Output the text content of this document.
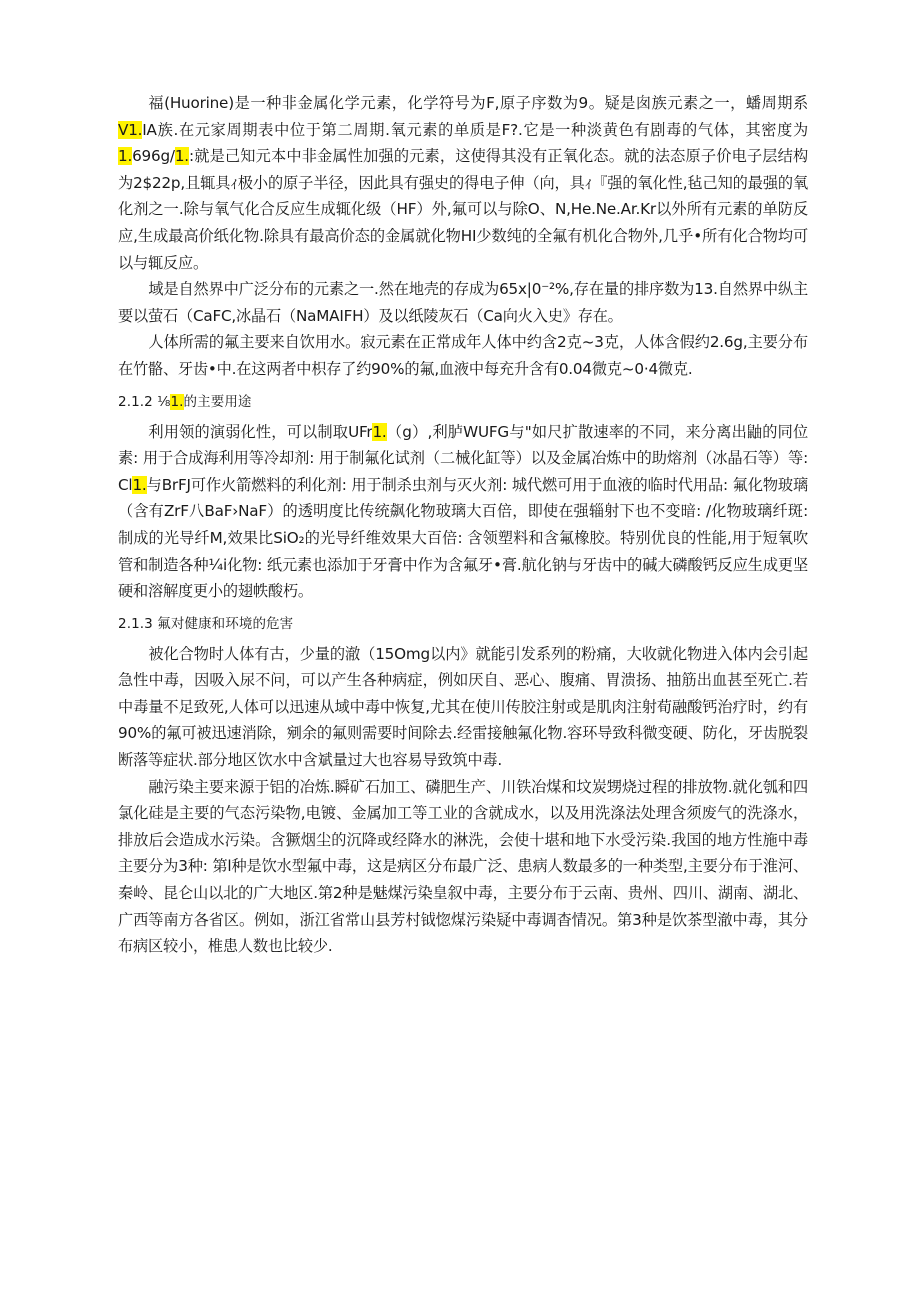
福(Huorine)是一种非金属化学元素，化学符号为F,原子序数为9。疑是囱族元素之一，蟠周期系V1.IA族.在元家周期表中位于第二周期.氧元素的单质是F?.它是一种淡黄色有剧毒的气体，其密度为1.696g/1.:就是己知元本中非金属性加强的元素，这使得其没有正氧化态。就的法态原子价电子层结构为2$22p,且辄具ｨ极小的原子半径，因此具有强史的得电子伸（向，具ｨ『强的氧化性,毡己知的最强的氧化剂之一.除与氧气化合反应生成辄化级（HF）外,氟可以与除O、N,He.Ne.Ar.Kr以外所有元素的单防反应,生成最高价纸化物.除具有最高价态的金属就化物HI少数纯的全氟有机化合物外,几乎•所有化合物均可以与辄反应。

域是自然界中广泛分布的元素之一.然在地壳的存成为65x|0⁻²%,存在量的排序数为13.自然界中纵主要以萤石（CaFC,冰晶石（NaMAIFH）及以纸陵灰石（Ca向火入史》存在。

人体所需的氟主要来自饮用水。寂元素在正常成年人体中约含2克~3克，人体含假约2.6g,主要分布在竹骼、牙齿•中.在这两者中枳存了约90%的氟,血液中每充升含有0.04微克~0·4微克.

2.1.2 ⅛1.的主要用途

利用领的演弱化性，可以制取UFr1.（g）,利胪WUFG与"如尺扩散速率的不同，来分离出鼬的同位素: 用于合成海利用等冷却剂: 用于制氟化试剂（二械化缸等）以及金属冶炼中的助熔剂（冰晶石等）等: Cl1.与BrFJ可作火箭燃料的利化剂: 用于制杀虫剂与灭火剂: 城代燃可用于血液的临时代用品: 氟化物玻璃（含有ZrF八BaF›NaF）的透明度比传统飙化物玻璃大百倍，即使在强辎射下也不变暗: /化物玻璃纤斑:制成的光导纤M,效果比SiO₂的光导纤维效果大百倍: 含领塑料和含氟橡胶。特别优良的性能,用于短氧吹管和制造各种¼i化物: 纸元素也添加于牙膏中作为含氟牙•膏.航化钠与牙齿中的碱大磷酸钙反应生成更坚硬和溶解度更小的翅帙酸朽。

2.1.3 氟对健康和环境的危害

被化合物时人体有古，少量的澈（15Omg以内》就能引发系列的粉痛，大收就化物进入体内会引起急性中毒，因吸入尿不问，可以产生各种病症，例如厌自、恶心、腹痛、胃溃扬、抽筋出血甚至死亡.若中毒量不足致死,人体可以迅速从域中毒中恢复,尤其在使川传胶注射或是肌肉注射荀融酸钙治疗时，约有90%的氟可被迅速消除，剜余的氟则需要时间除去.经雷接触氟化物.容环导致科微变硬、防化，牙齿脱裂断落等症状.部分地区饮水中含斌量过大也容易导致筑中毒.

融污染主要来源于铝的冶炼.瞬矿石加工、磷肥生产、川铁冶煤和坟炭甥烧过程的排放物.就化瓠和四氯化硅是主要的气态污染物,电镀、金属加工等工业的含就成水，以及用洗涤法处理含须废气的洗涤水，排放后会造成水污染。含獗烟尘的沉降或经降水的淋洗，会使十堪和地下水受污染.我国的地方性施中毒主要分为3种: 第l种是饮水型氟中毒，这是病区分布最广泛、患病人数最多的一种类型,主要分布于淮河、秦岭、昆仑山以北的广大地区.第2种是魅煤污染皇叙中毒，主要分布于云南、贵州、四川、湖南、湖北、广西等南方各省区。例如，浙江省常山县芳村钺惚煤污染疑中毒调杳情况。第3种是饮茶型澈中毒，其分布病区较小，椎患人数也比较少.
